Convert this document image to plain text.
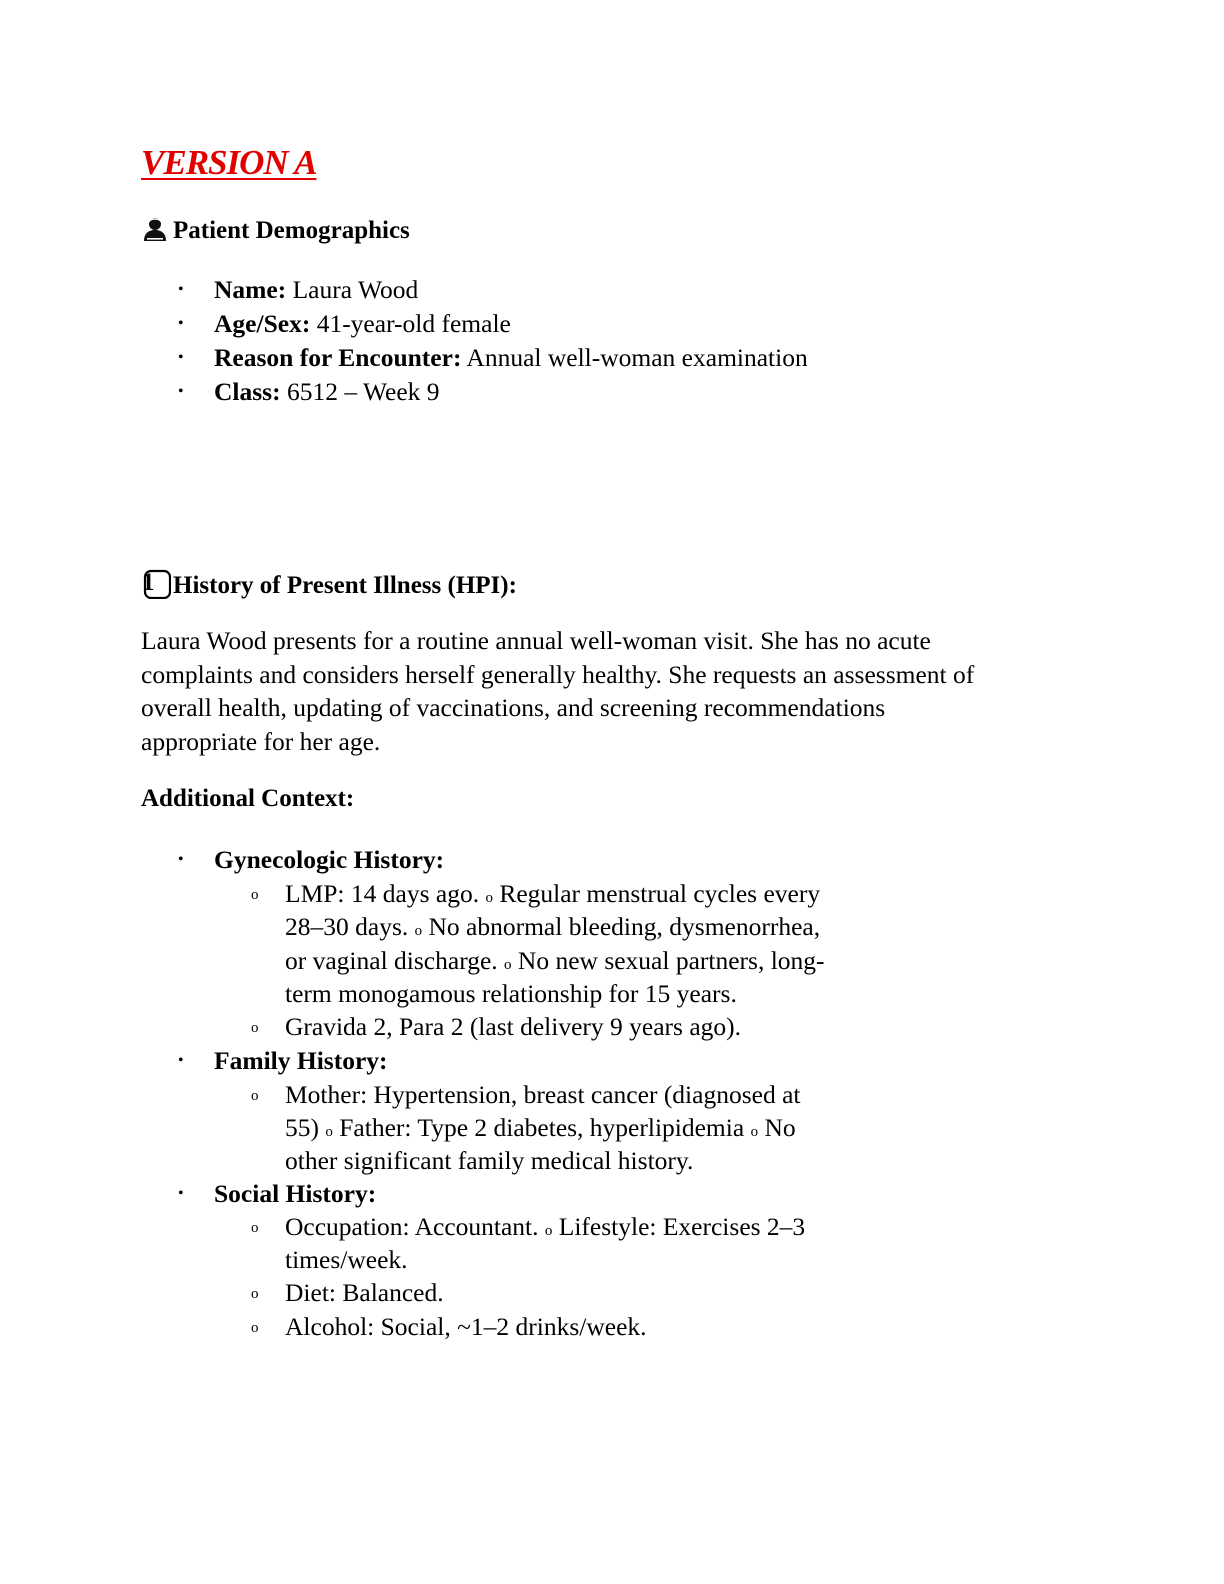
VERSION A
Patient Demographics
• Name: Laura Wood
• Age/Sex: 41-year-old female
• Reason for Encounter: Annual well-woman examination
• Class: 6512 – Week 9
1 History of Present Illness (HPI):
Laura Wood presents for a routine annual well-woman visit. She has no acute
complaints and considers herself generally healthy. She requests an assessment of
overall health, updating of vaccinations, and screening recommendations
appropriate for her age.
Additional Context:
• Gynecologic History:
o LMP: 14 days ago. o Regular menstrual cycles every
28–30 days. o No abnormal bleeding, dysmenorrhea,
or vaginal discharge. o No new sexual partners, long-
term monogamous relationship for 15 years.
o Gravida 2, Para 2 (last delivery 9 years ago).
• Family History:
o Mother: Hypertension, breast cancer (diagnosed at
55) o Father: Type 2 diabetes, hyperlipidemia o No
other significant family medical history.
• Social History:
o Occupation: Accountant. o Lifestyle: Exercises 2–3
times/week.
o Diet: Balanced.
o Alcohol: Social, ~1–2 drinks/week.
